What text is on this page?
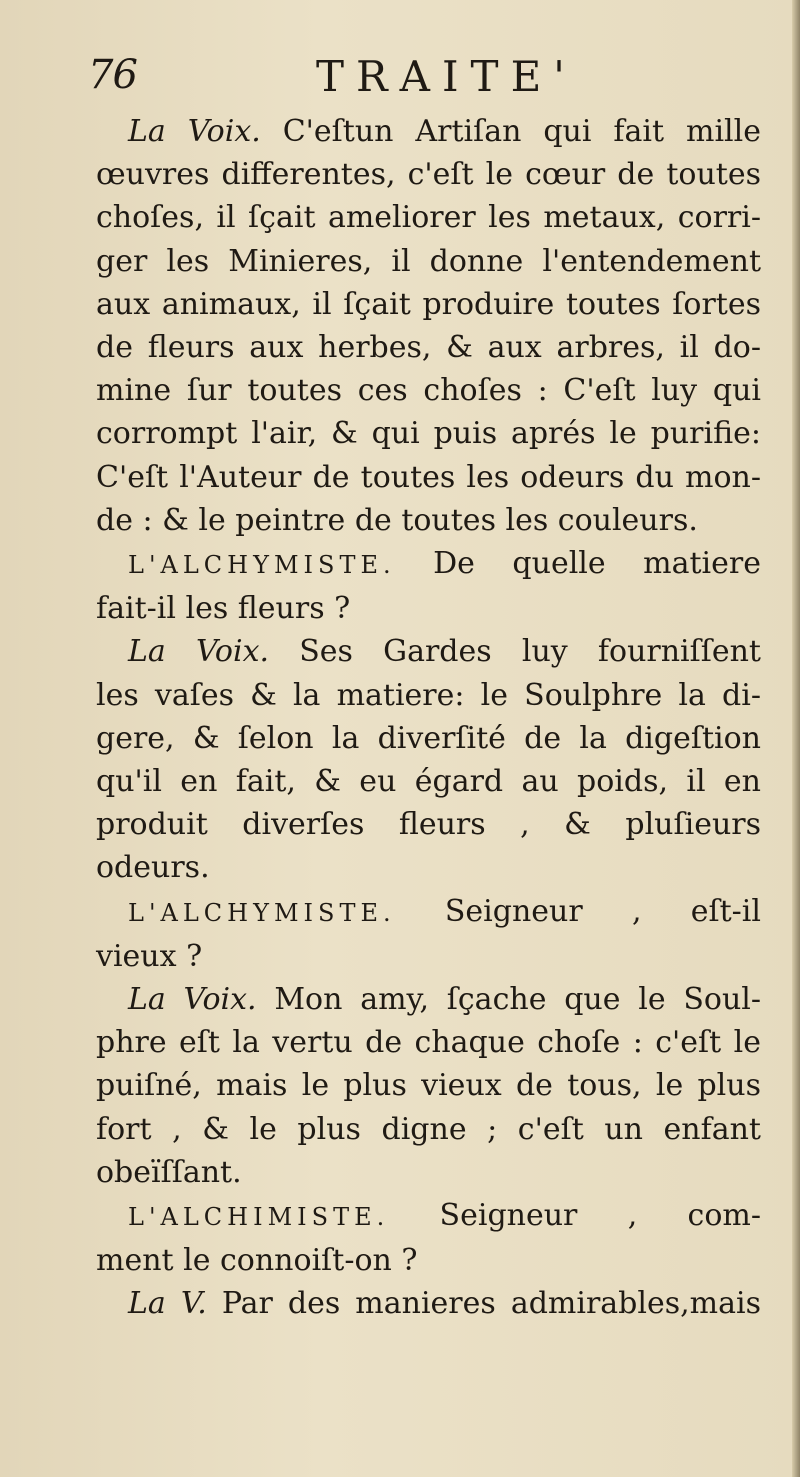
76	TRAITE'
La Voix. C'eſtun Artiſan qui fait mille
œuvres differentes, c'eſt le cœur de toutes
choſes, il ſçait ameliorer les metaux, corri-
ger les Minieres, il donne l'entendement
aux animaux, il ſçait produire toutes ſortes
de fleurs aux herbes, & aux arbres, il do-
mine ſur toutes ces choſes : C'eſt luy qui
corrompt l'air, & qui puis aprés le purifie:
C'eſt l'Auteur de toutes les odeurs du mon-
de : & le peintre de toutes les couleurs.
L'ALCHYMISTE. De quelle matiere
fait-il les fleurs ?
La Voix. Ses Gardes luy fourniſſent
les vaſes & la matiere: le Soulphre la di-
gere, & ſelon la diverſité de la digeſtion
qu'il en fait, & eu égard au poids, il en
produit diverſes fleurs , & pluſieurs
odeurs.
L'ALCHYMISTE. Seigneur , eſt-il
vieux ?
La Voix. Mon amy, ſçache que le Soul-
phre eſt la vertu de chaque choſe : c'eſt le
puiſné, mais le plus vieux de tous, le plus
fort , & le plus digne ; c'eſt un enfant
obeïſſant.
L'ALCHIMISTE. Seigneur , com-
ment le connoiſt-on ?
La V. Par des manieres admirables,mais
